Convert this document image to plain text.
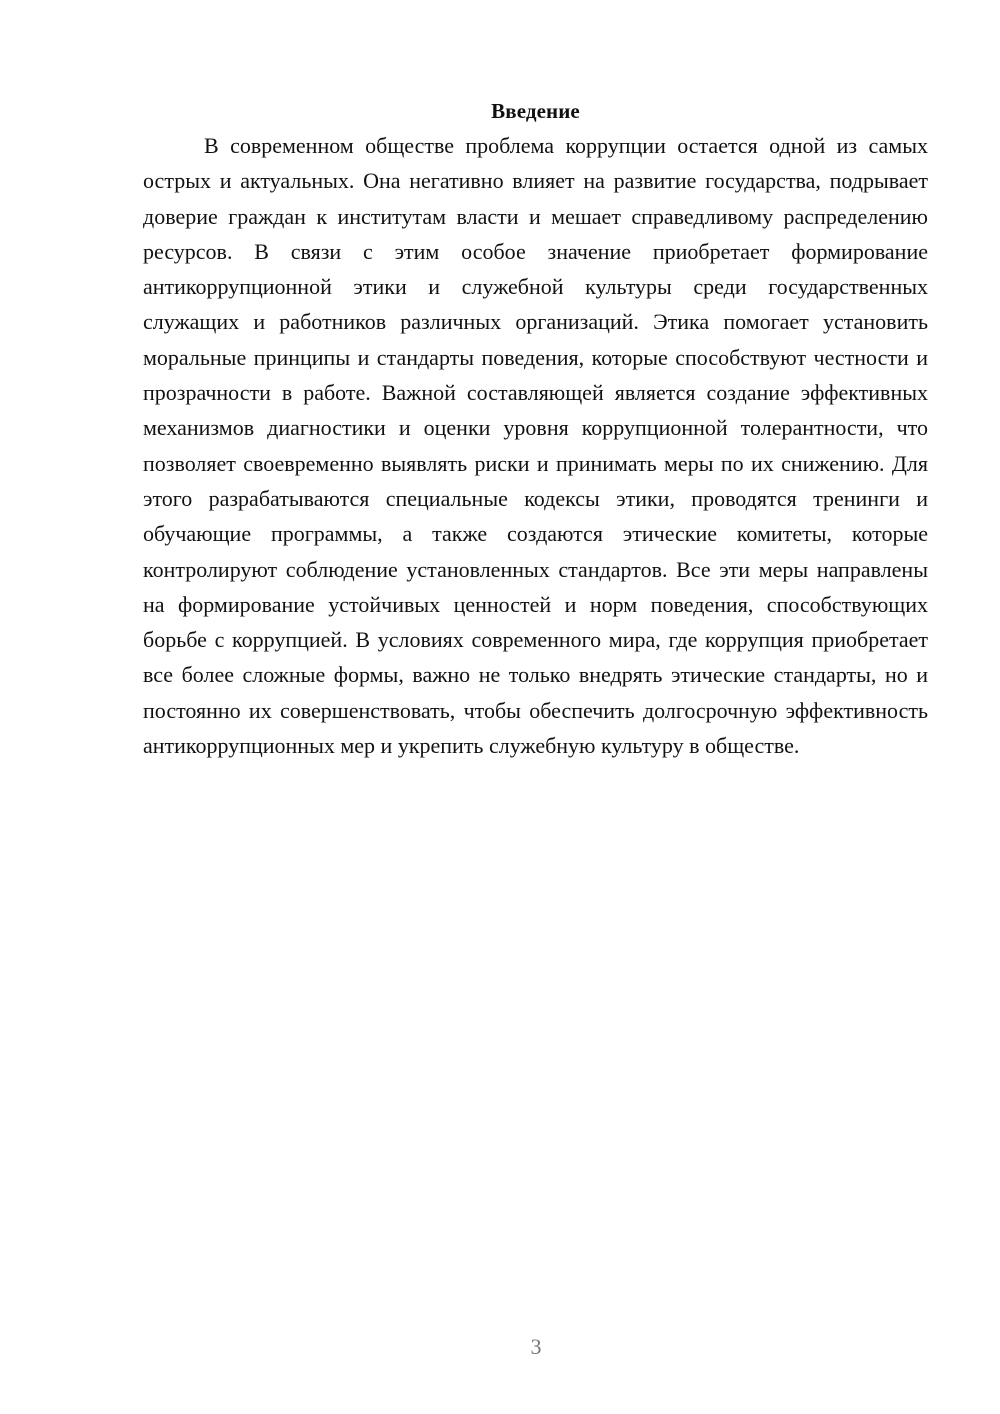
Введение

В современном обществе проблема коррупции остается одной из самых острых и актуальных. Она негативно влияет на развитие государства, подрывает доверие граждан к институтам власти и мешает справедливому распределению ресурсов. В связи с этим особое значение приобретает формирование антикоррупционной этики и служебной культуры среди государственных служащих и работников различных организаций. Этика помогает установить моральные принципы и стандарты поведения, которые способствуют честности и прозрачности в работе. Важной составляющей является создание эффективных механизмов диагностики и оценки уровня коррупционной толерантности, что позволяет своевременно выявлять риски и принимать меры по их снижению. Для этого разрабатываются специальные кодексы этики, проводятся тренинги и обучающие программы, а также создаются этические комитеты, которые контролируют соблюдение установленных стандартов. Все эти меры направлены на формирование устойчивых ценностей и норм поведения, способствующих борьбе с коррупцией. В условиях современного мира, где коррупция приобретает все более сложные формы, важно не только внедрять этические стандарты, но и постоянно их совершенствовать, чтобы обеспечить долгосрочную эффективность антикоррупционных мер и укрепить служебную культуру в обществе.

3
